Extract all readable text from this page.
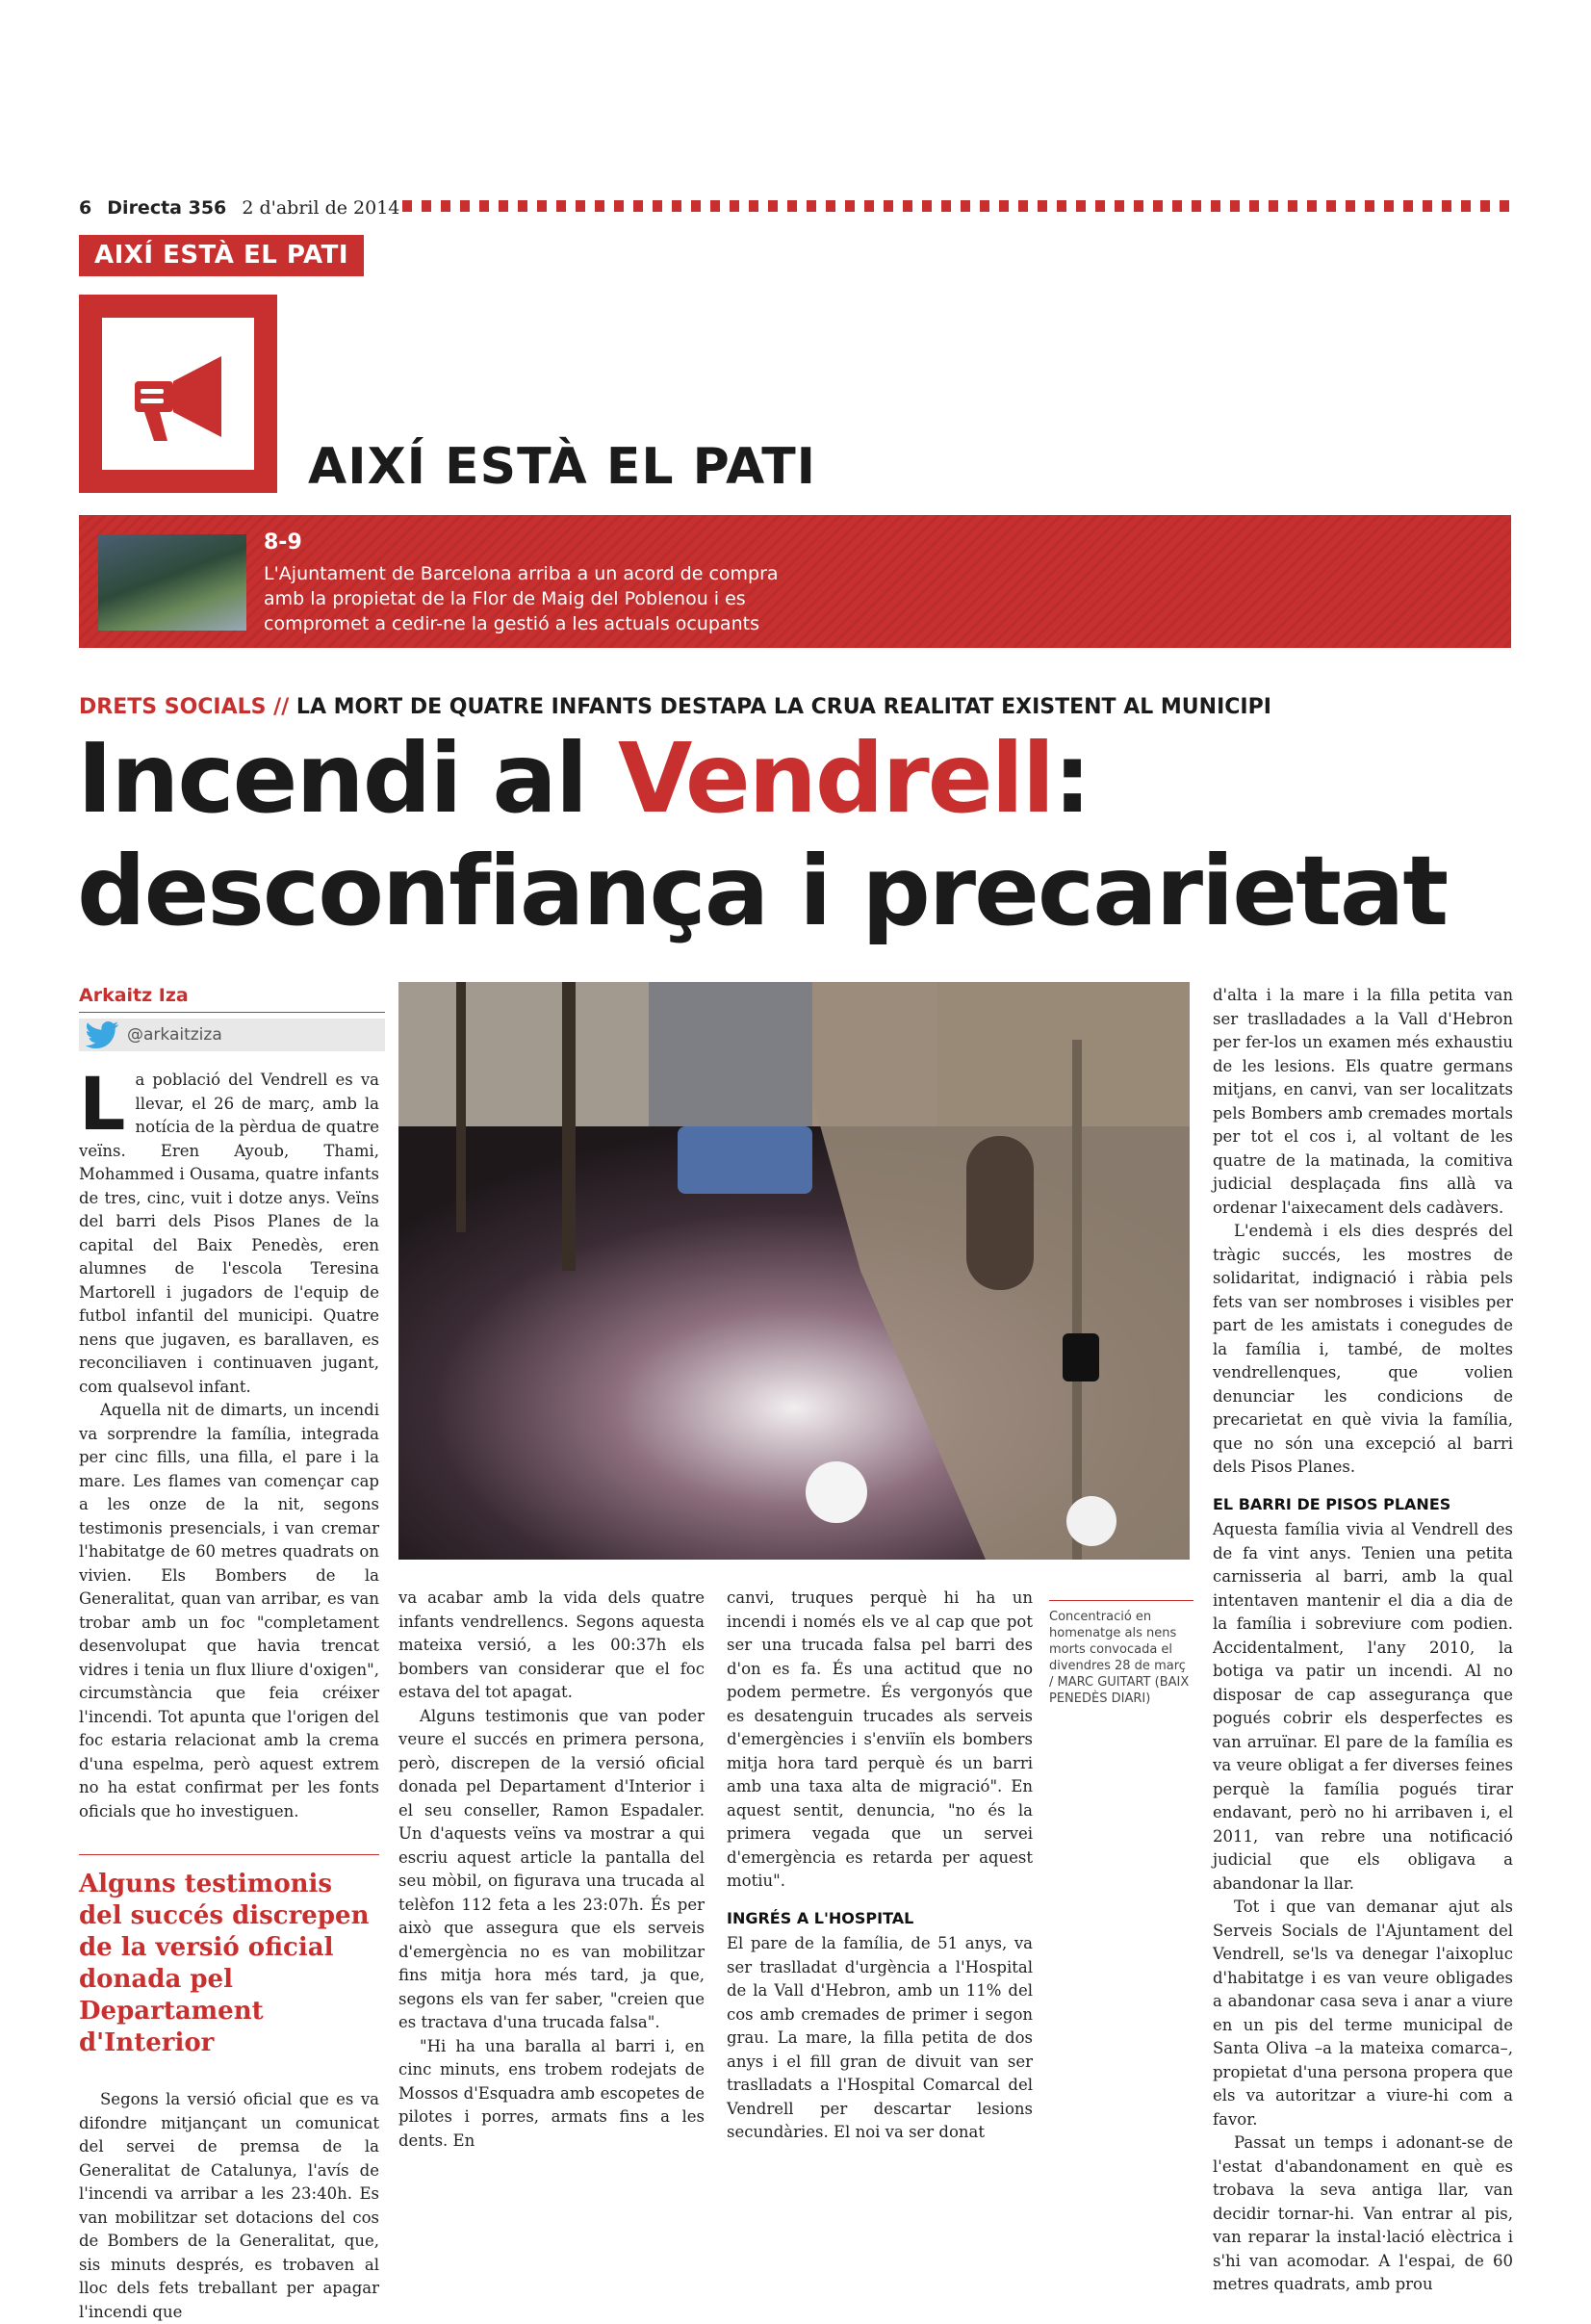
6 Directa 356 2 d'abril de 2014
AIXÍ ESTÀ EL PATI
AIXÍ ESTÀ EL PATI
8-9
L'Ajuntament de Barcelona arriba a un acord de compra amb la propietat de la Flor de Maig del Poblenou i es compromet a cedir-ne la gestió a les actuals ocupants
DRETS SOCIALS // LA MORT DE QUATRE INFANTS DESTAPA LA CRUA REALITAT EXISTENT AL MUNICIPI
Incendi al Vendrell:
desconfiança i precarietat
Arkaitz Iza
@arkaitziza

La població del Vendrell es va llevar, el 26 de març, amb la notícia de la pèrdua de quatre veïns. Eren Ayoub, Thami, Mohammed i Ousama, quatre infants de tres, cinc, vuit i dotze anys. Veïns del barri dels Pisos Planes de la capital del Baix Penedès, eren alumnes de l'escola Teresina Martorell i jugadors de l'equip de futbol infantil del municipi. Quatre nens que jugaven, es barallaven, es reconciliaven i continuaven jugant, com qualsevol infant.

Aquella nit de dimarts, un incendi va sorprendre la família, integrada per cinc fills, una filla, el pare i la mare. Les flames van començar cap a les onze de la nit, segons testimonis presencials, i van cremar l'habitatge de 60 metres quadrats on vivien. Els Bombers de la Generalitat, quan van arribar, es van trobar amb un foc "completament desenvolupat que havia trencat vidres i tenia un flux lliure d'oxigen", circumstància que feia créixer l'incendi. Tot apunta que l'origen del foc estaria relacionat amb la crema d'una espelma, però aquest extrem no ha estat confirmat per les fonts oficials que ho investiguen.

Alguns testimonis del succés discrepen de la versió oficial donada pel Departament d'Interior

Segons la versió oficial que es va difondre mitjançant un comunicat del servei de premsa de la Generalitat de Catalunya, l'avís de l'incendi va arribar a les 23:40h. Es van mobilitzar set dotacions del cos de Bombers de la Generalitat, que, sis minuts després, es trobaven al lloc dels fets treballant per apagar l'incendi que

Concentració en homenatge als nens morts convocada el divendres 28 de març / MARC GUITART (BAIX PENEDÈS DIARI)

va acabar amb la vida dels quatre infants vendrellencs. Segons aquesta mateixa versió, a les 00:37h els bombers van considerar que el foc estava del tot apagat.

Alguns testimonis que van poder veure el succés en primera persona, però, discrepen de la versió oficial donada pel Departament d'Interior i el seu conseller, Ramon Espadaler. Un d'aquests veïns va mostrar a qui escriu aquest article la pantalla del seu mòbil, on figurava una trucada al telèfon 112 feta a les 23:07h. És per això que assegura que els serveis d'emergència no es van mobilitzar fins mitja hora més tard, ja que, segons els van fer saber, "creien que es tractava d'una trucada falsa".

"Hi ha una baralla al barri i, en cinc minuts, ens trobem rodejats de Mossos d'Esquadra amb escopetes de pilotes i porres, armats fins a les dents. En

canvi, truques perquè hi ha un incendi i només els ve al cap que pot ser una trucada falsa pel barri des d'on es fa. És una actitud que no podem permetre. És vergonyós que es desatenguin trucades als serveis d'emergències i s'enviïn els bombers mitja hora tard perquè és un barri amb una taxa alta de migració". En aquest sentit, denuncia, "no és la primera vegada que un servei d'emergència es retarda per aquest motiu".

INGRÉS A L'HOSPITAL

El pare de la família, de 51 anys, va ser traslladat d'urgència a l'Hospital de la Vall d'Hebron, amb un 11% del cos amb cremades de primer i segon grau. La mare, la filla petita de dos anys i el fill gran de divuit van ser traslladats a l'Hospital Comarcal del Vendrell per descartar lesions secundàries. El noi va ser donat

d'alta i la mare i la filla petita van ser traslladades a la Vall d'Hebron per fer-los un examen més exhaustiu de les lesions. Els quatre germans mitjans, en canvi, van ser localitzats pels Bombers amb cremades mortals per tot el cos i, al voltant de les quatre de la matinada, la comitiva judicial desplaçada fins allà va ordenar l'aixecament dels cadàvers.

L'endemà i els dies després del tràgic succés, les mostres de solidaritat, indignació i ràbia pels fets van ser nombroses i visibles per part de les amistats i conegudes de la família i, també, de moltes vendrellenques, que volien denunciar les condicions de precarietat en què vivia la família, que no són una excepció al barri dels Pisos Planes.

EL BARRI DE PISOS PLANES

Aquesta família vivia al Vendrell des de fa vint anys. Tenien una petita carnisseria al barri, amb la qual intentaven mantenir el dia a dia de la família i sobreviure com podien. Accidentalment, l'any 2010, la botiga va patir un incendi. Al no disposar de cap assegurança que pogués cobrir els desperfectes es van arruïnar. El pare de la família es va veure obligat a fer diverses feines perquè la família pogués tirar endavant, però no hi arribaven i, el 2011, van rebre una notificació judicial que els obligava a abandonar la llar.

Tot i que van demanar ajut als Serveis Socials de l'Ajuntament del Vendrell, se'ls va denegar l'aixopluc d'habitatge i es van veure obligades a abandonar casa seva i anar a viure en un pis del terme municipal de Santa Oliva –a la mateixa comarca–, propietat d'una persona propera que els va autoritzar a viure-hi com a favor.

Passat un temps i adonant-se de l'estat d'abandonament en què es trobava la seva antiga llar, van decidir tornar-hi. Van entrar al pis, van reparar la instal·lació elèctrica i s'hi van acomodar. A l'espai, de 60 metres quadrats, amb prou
